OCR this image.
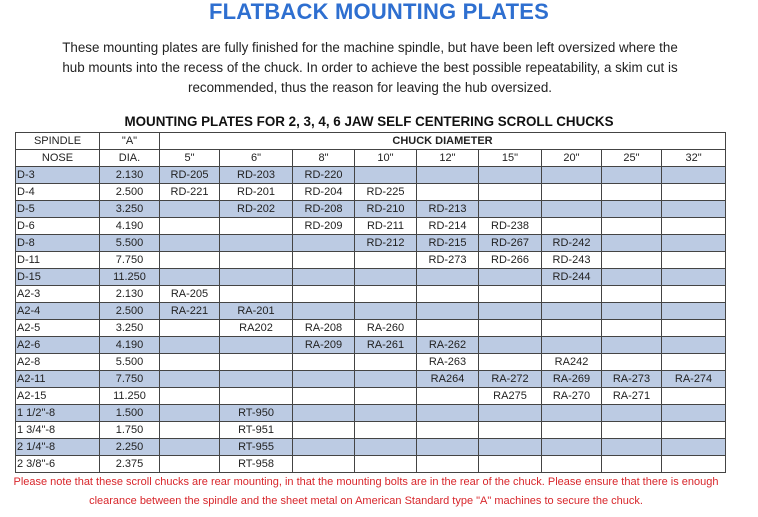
FLATBACK MOUNTING PLATES
These mounting plates are fully finished for the machine spindle, but have been left oversized where the hub mounts into the recess of the chuck. In order to achieve the best possible repeatability, a skim cut is recommended, thus the reason for leaving the hub oversized.
MOUNTING PLATES FOR 2, 3, 4, 6 JAW SELF CENTERING SCROLL CHUCKS
SPINDLE	"A"	CHUCK DIAMETER								
NOSE	DIA.	5"	6"	8"	10"	12"	15"	20"	25"	32"
D-3	2.130	RD-205	RD-203	RD-220						
D-4	2.500	RD-221	RD-201	RD-204	RD-225					
D-5	3.250		RD-202	RD-208	RD-210	RD-213				
D-6	4.190			RD-209	RD-211	RD-214	RD-238			
D-8	5.500				RD-212	RD-215	RD-267	RD-242		
D-11	7.750					RD-273	RD-266	RD-243		
D-15	11.250							RD-244		
A2-3	2.130	RA-205								
A2-4	2.500	RA-221	RA-201							
A2-5	3.250		RA202	RA-208	RA-260					
A2-6	4.190			RA-209	RA-261	RA-262				
A2-8	5.500					RA-263		RA242		
A2-11	7.750					RA264	RA-272	RA-269	RA-273	RA-274
A2-15	11.250						RA275	RA-270	RA-271	
1 1/2"-8	1.500		RT-950							
1 3/4"-8	1.750		RT-951							
2 1/4"-8	2.250		RT-955							
2 3/8"-6	2.375		RT-958							
Please note that these scroll chucks are rear mounting, in that the mounting bolts are in the rear of the chuck. Please ensure that there is enough clearance between the spindle and the sheet metal on American Standard type "A" machines to secure the chuck.
